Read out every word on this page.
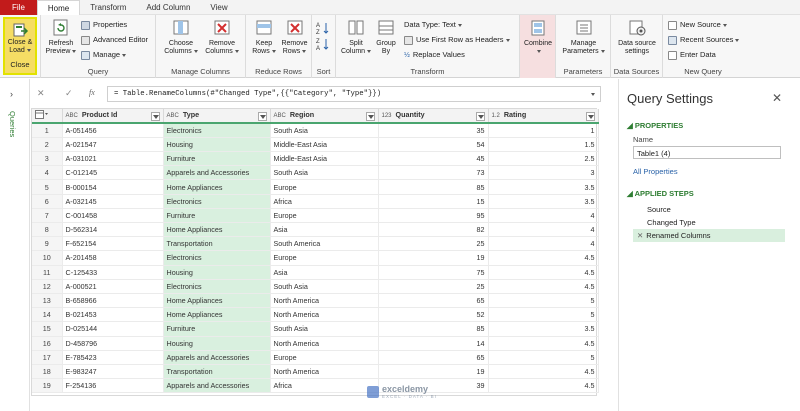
File	Home	Transform	Add Column	View
Close &
Load
Close
Refresh
Preview
Properties
Advanced Editor
Manage
Query
Choose
Columns
Remove
Columns
Manage Columns
Keep
Rows
Remove
Rows
Reduce Rows
A
Z
Z
A
Sort
Split
Column
Group
By
Data Type: Text
Use First Row as Headers
½ Replace Values
Transform
Combine	Manage
Parameters
Parameters
Data source
settings
Data Sources
New Source
Recent Sources
Enter Data
New Query
›
Queries
✕ ✓ fx	= Table.RenameColumns(#"Changed Type",{{"Category", "Type"}})
	ABC Product Id	ABC Type	ABC Region	123 Quantity	1.2 Rating

1	A-051456	Electronics	South Asia	35	1
2	A-021547	Housing	Middle-East Asia	54	1.5
3	A-031021	Furniture	Middle-East Asia	45	2.5
4	C-012145	Apparels and Accessories	South Asia	73	3
5	B-000154	Home Appliances	Europe	85	3.5
6	A-032145	Electronics	Africa	15	3.5
7	C-001458	Furniture	Europe	95	4
8	D-562314	Home Appliances	Asia	82	4
9	F-652154	Transportation	South America	25	4
10	A-201458	Electronics	Europe	19	4.5
11	C-125433	Housing	Asia	75	4.5
12	A-000521	Electronics	South Asia	25	4.5
13	B-658966	Home Appliances	North America	65	5
14	B-021453	Home Appliances	North America	52	5
15	D-025144	Furniture	South Asia	85	3.5
16	D-458796	Housing	North America	14	4.5
17	E-785423	Apparels and Accessories	Europe	65	5
18	E-983247	Transportation	North America	19	4.5
19	F-254136	Apparels and Accessories	Africa	39	4.5
exceldemy
EXCEL · DATA · BI
Query Settings	✕
◢ PROPERTIES
Name
Table1 (4)
All Properties
◢ APPLIED STEPS
Source
Changed Type
✕ Renamed Columns
